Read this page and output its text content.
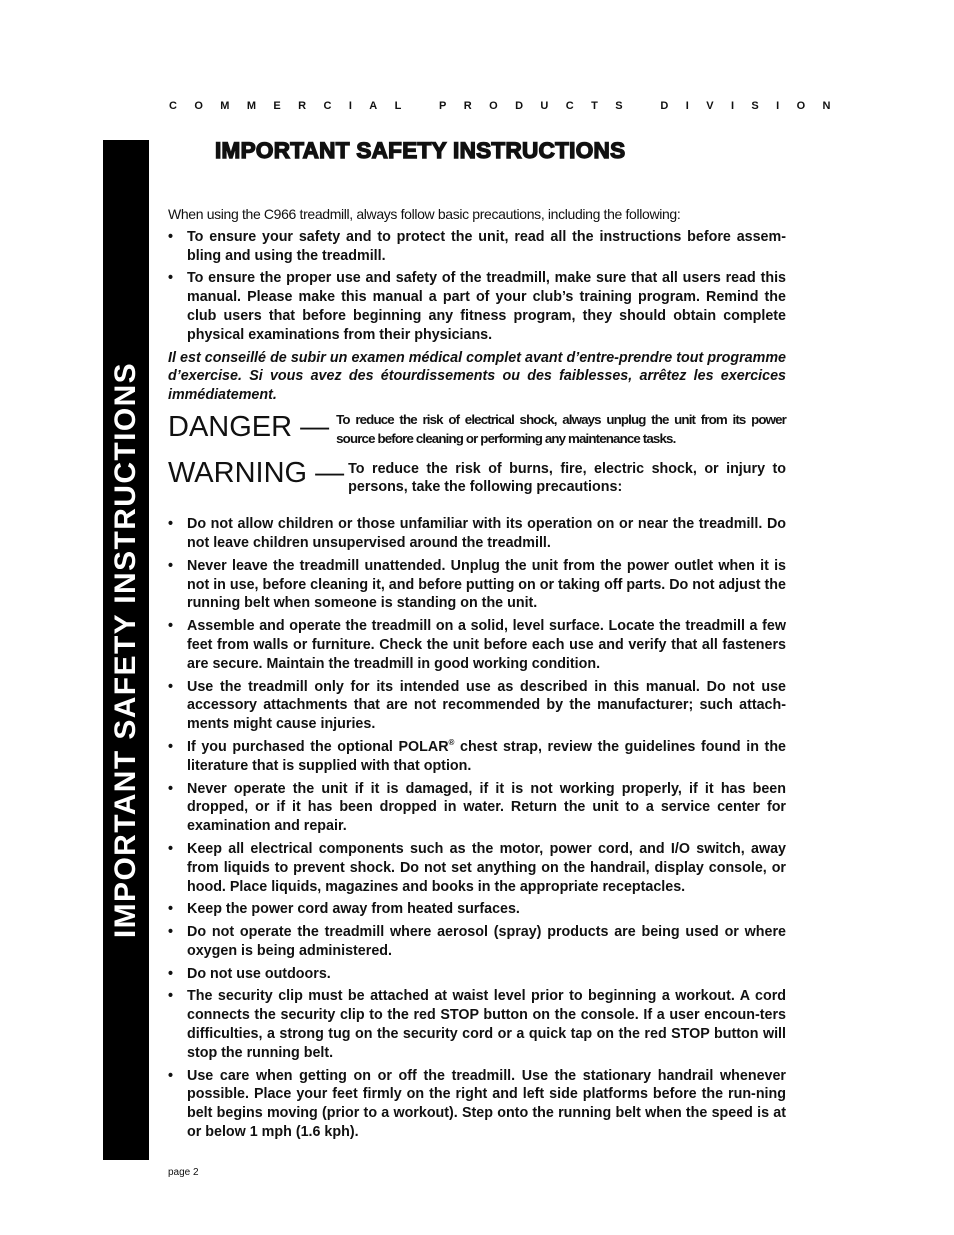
COMMERCIAL PRODUCTS DIVISION

IMPORTANT SAFETY INSTRUCTIONS
IMPORTANT SAFETY INSTRUCTIONS

When using the C966 treadmill, always follow basic precautions, including the following:

• To ensure your safety and to protect the unit, read all the instructions before assem-bling and using the treadmill.
• To ensure the proper use and safety of the treadmill, make sure that all users read this manual. Please make this manual a part of your club’s training program. Remind the club users that before beginning any fitness program, they should obtain complete physical examinations from their physicians.

Il est conseillé de subir un examen médical complet avant d’entre-prendre tout programme d’exercise. Si vous avez des étourdissements ou des faiblesses, arrêtez les exercices immédiatement.

DANGER — To reduce the risk of electrical shock, always unplug the unit from its power source before cleaning or performing any maintenance tasks.
WARNING — To reduce the risk of burns, fire, electric shock, or injury to persons, take the following precautions:
• Do not allow children or those unfamiliar with its operation on or near the treadmill. Do not leave children unsupervised around the treadmill.
• Never leave the treadmill unattended. Unplug the unit from the power outlet when it is not in use, before cleaning it, and before putting on or taking off parts. Do not adjust the running belt when someone is standing on the unit.
• Assemble and operate the treadmill on a solid, level surface. Locate the treadmill a few feet from walls or furniture. Check the unit before each use and verify that all fasteners are secure. Maintain the treadmill in good working condition.
• Use the treadmill only for its intended use as described in this manual. Do not use accessory attachments that are not recommended by the manufacturer; such attach-ments might cause injuries.
• If you purchased the optional POLAR® chest strap, review the guidelines found in the literature that is supplied with that option.
• Never operate the unit if it is damaged, if it is not working properly, if it has been dropped, or if it has been dropped in water. Return the unit to a service center for examination and repair.
• Keep all electrical components such as the motor, power cord, and I/O switch, away from liquids to prevent shock. Do not set anything on the handrail, display console, or hood. Place liquids, magazines and books in the appropriate receptacles.
• Keep the power cord away from heated surfaces.
• Do not operate the treadmill where aerosol (spray) products are being used or where oxygen is being administered.
• Do not use outdoors.
• The security clip must be attached at waist level prior to beginning a workout. A cord connects the security clip to the red STOP button on the console. If a user encoun-ters difficulties, a strong tug on the security cord or a quick tap on the red STOP button will stop the running belt.
• Use care when getting on or off the treadmill. Use the stationary handrail whenever possible. Place your feet firmly on the right and left side platforms before the run-ning belt begins moving (prior to a workout). Step onto the running belt when the speed is at or below 1 mph (1.6 kph).

page 2
